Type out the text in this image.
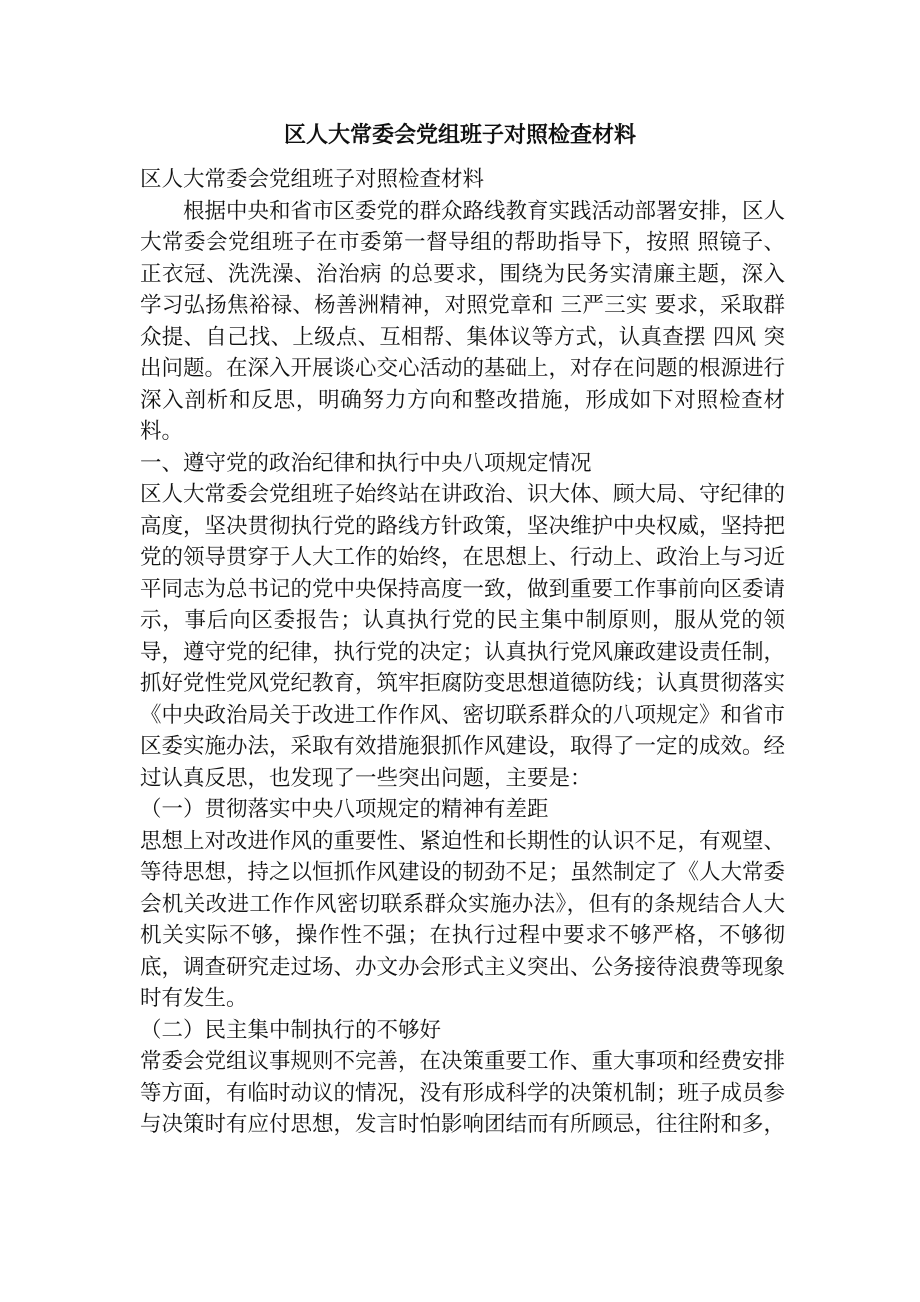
区人大常委会党组班子对照检查材料

区人大常委会党组班子对照检查材料

根据中央和省市区委党的群众路线教育实践活动部署安排，区人大常委会党组班子在市委第一督导组的帮助指导下，按照 照镜子、正衣冠、洗洗澡、治治病 的总要求，围绕为民务实清廉主题，深入学习弘扬焦裕禄、杨善洲精神，对照党章和 三严三实 要求，采取群众提、自己找、上级点、互相帮、集体议等方式，认真查摆 四风 突出问题。在深入开展谈心交心活动的基础上，对存在问题的根源进行深入剖析和反思，明确努力方向和整改措施，形成如下对照检查材料。

一、遵守党的政治纪律和执行中央八项规定情况

区人大常委会党组班子始终站在讲政治、识大体、顾大局、守纪律的高度，坚决贯彻执行党的路线方针政策，坚决维护中央权威，坚持把党的领导贯穿于人大工作的始终，在思想上、行动上、政治上与习近平同志为总书记的党中央保持高度一致，做到重要工作事前向区委请示，事后向区委报告；认真执行党的民主集中制原则，服从党的领导，遵守党的纪律，执行党的决定；认真执行党风廉政建设责任制，抓好党性党风党纪教育，筑牢拒腐防变思想道德防线；认真贯彻落实《中央政治局关于改进工作作风、密切联系群众的八项规定》和省市区委实施办法，采取有效措施狠抓作风建设，取得了一定的成效。经过认真反思，也发现了一些突出问题，主要是：

（一）贯彻落实中央八项规定的精神有差距

思想上对改进作风的重要性、紧迫性和长期性的认识不足，有观望、等待思想，持之以恒抓作风建设的韧劲不足；虽然制定了《人大常委会机关改进工作作风密切联系群众实施办法》，但有的条规结合人大机关实际不够，操作性不强；在执行过程中要求不够严格，不够彻底，调查研究走过场、办文办会形式主义突出、公务接待浪费等现象时有发生。

（二）民主集中制执行的不够好

常委会党组议事规则不完善，在决策重要工作、重大事项和经费安排等方面，有临时动议的情况，没有形成科学的决策机制；班子成员参与决策时有应付思想，发言时怕影响团结而有所顾忌，往往附和多，
